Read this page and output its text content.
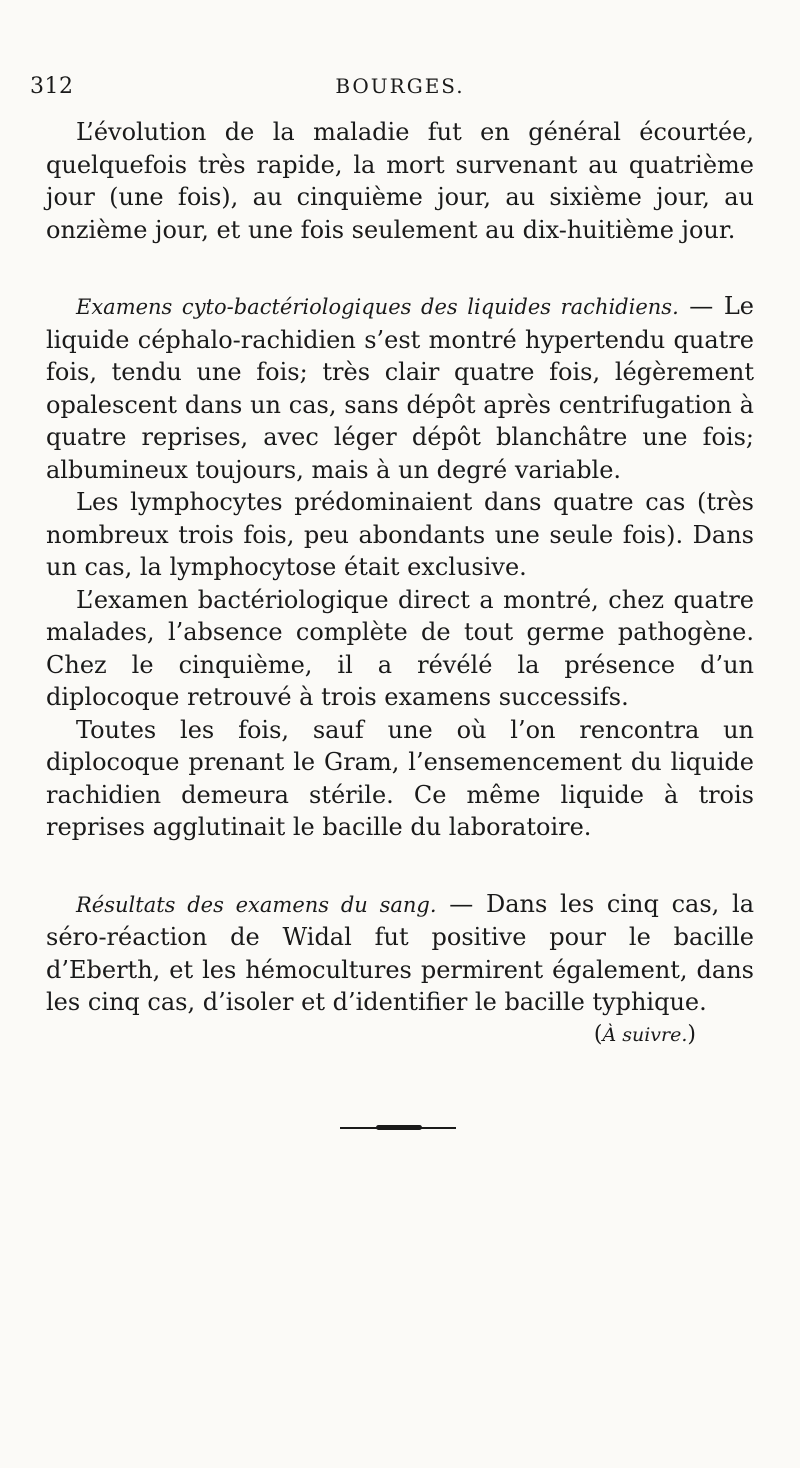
312	BOURGES.

L’évolution de la maladie fut en général écourtée, quelquefois très rapide, la mort survenant au quatrième jour (une fois), au cinquième jour, au sixième jour, au onzième jour, et une fois seulement au dix-huitième jour.

Examens cyto-bactériologiques des liquides rachidiens. — Le liquide céphalo-rachidien s’est montré hypertendu quatre fois, tendu une fois; très clair quatre fois, légèrement opalescent dans un cas, sans dépôt après centrifugation à quatre reprises, avec léger dépôt blanchâtre une fois; albumineux toujours, mais à un degré variable.

Les lymphocytes prédominaient dans quatre cas (très nombreux trois fois, peu abondants une seule fois). Dans un cas, la lymphocytose était exclusive.

L’examen bactériologique direct a montré, chez quatre malades, l’absence complète de tout germe pathogène. Chez le cinquième, il a révélé la présence d’un diplocoque retrouvé à trois examens successifs.

Toutes les fois, sauf une où l’on rencontra un diplocoque prenant le Gram, l’ensemencement du liquide rachidien demeura stérile. Ce même liquide à trois reprises agglutinait le bacille du laboratoire.

Résultats des examens du sang. — Dans les cinq cas, la séro-réaction de Widal fut positive pour le bacille d’Eberth, et les hémocultures permirent également, dans les cinq cas, d’isoler et d’identifier le bacille typhique.

(À suivre.)
